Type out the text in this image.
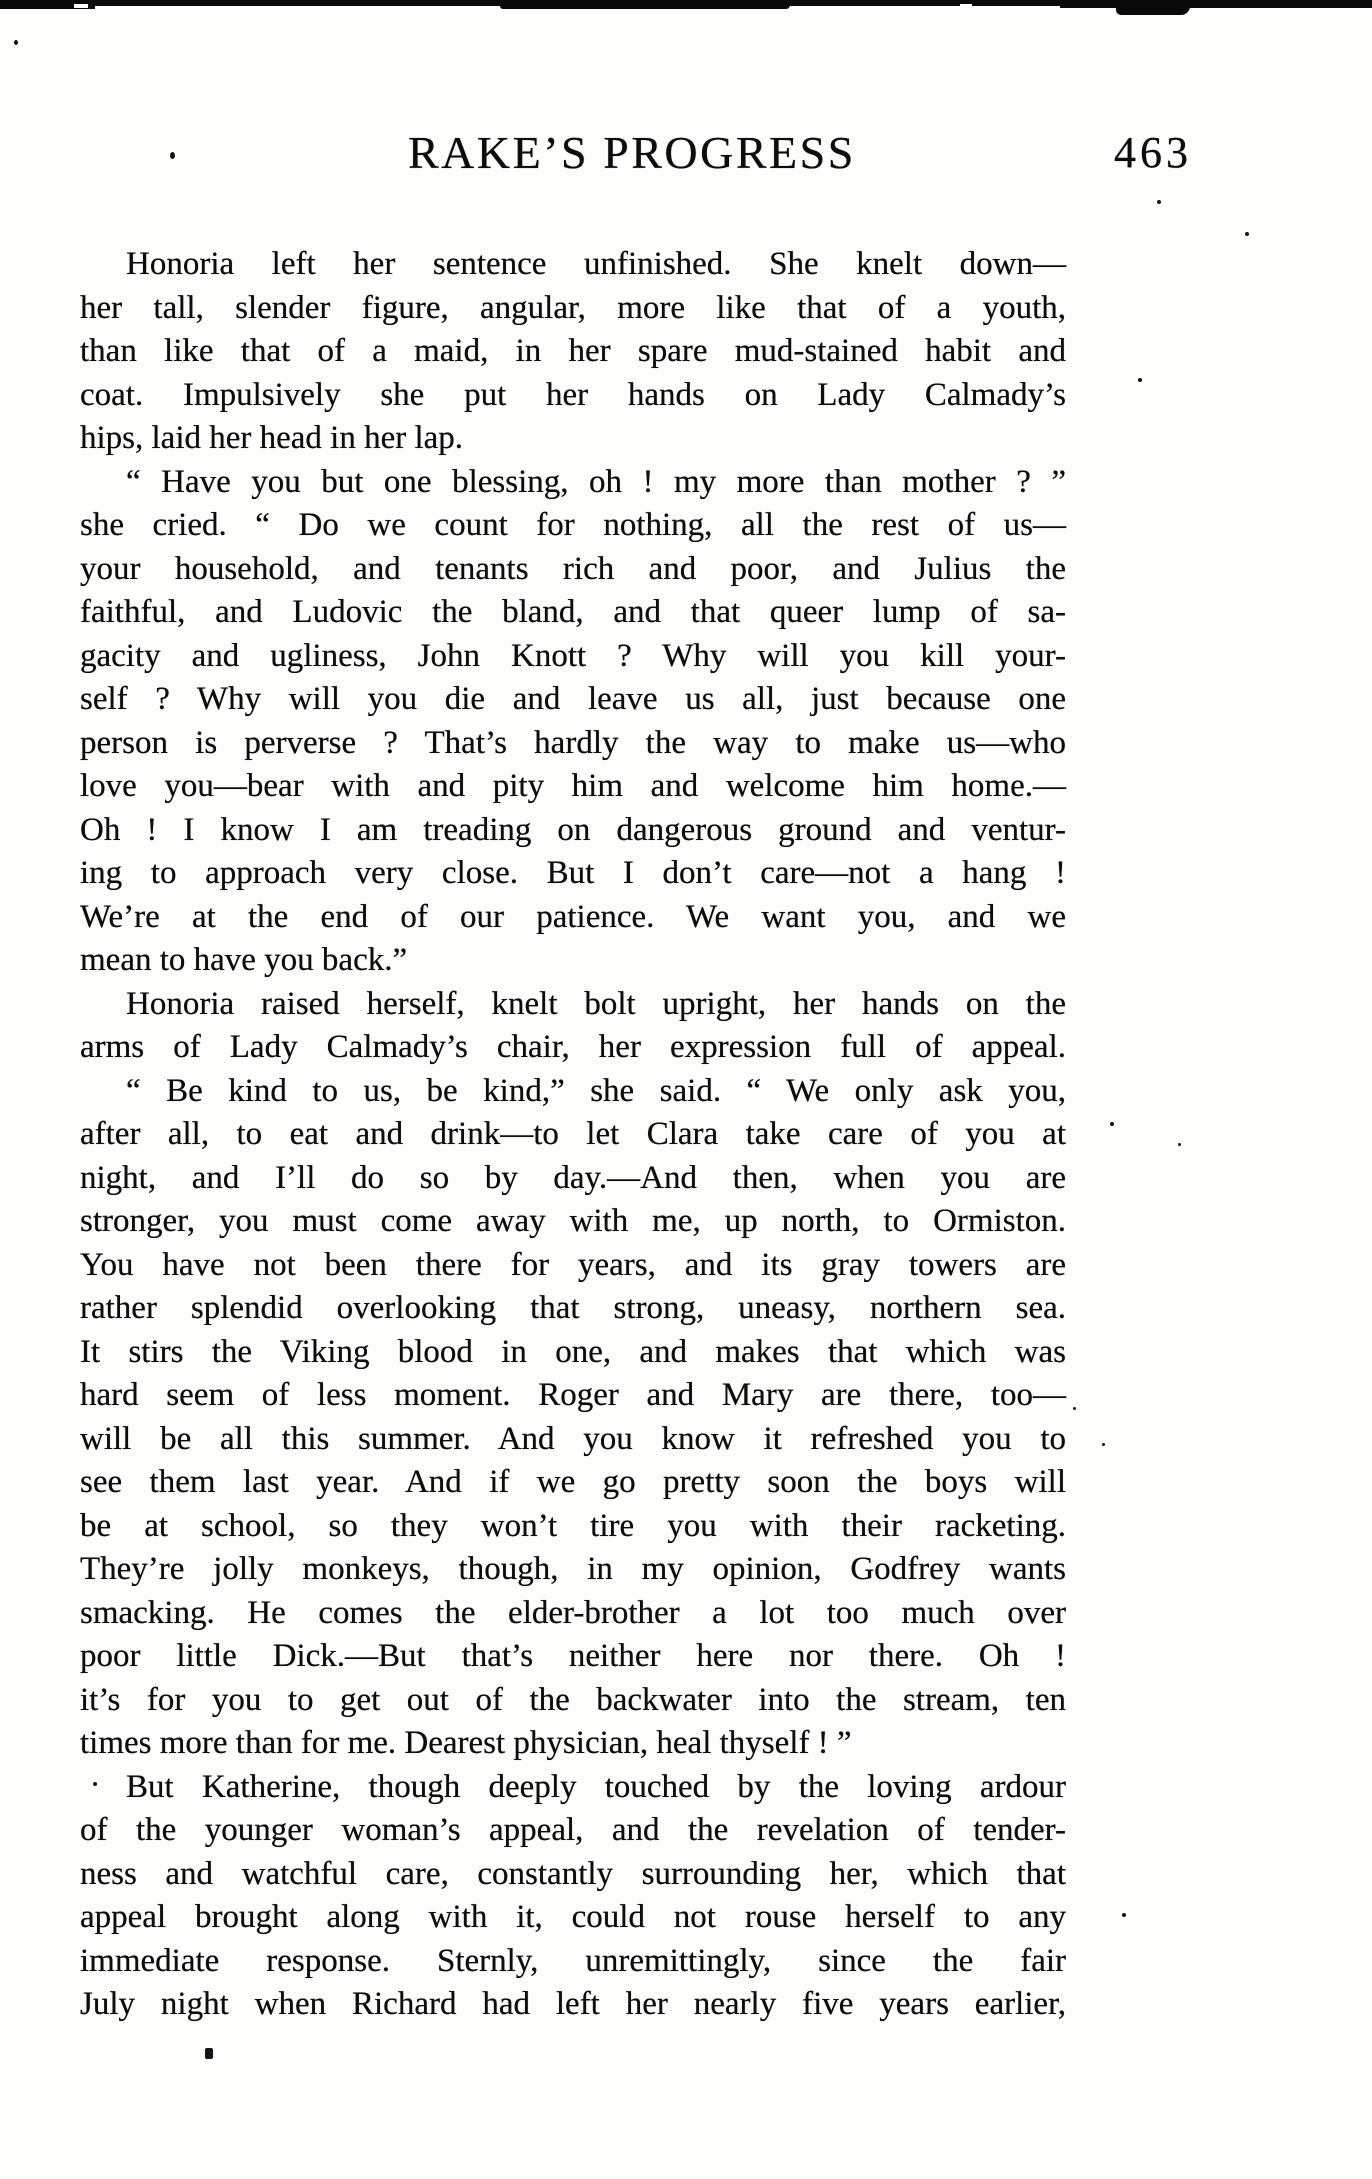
RAKE’S PROGRESS	463

Honoria left her sentence unfinished. She knelt down—
her tall, slender figure, angular, more like that of a youth,
than like that of a maid, in her spare mud-stained habit and
coat. Impulsively she put her hands on Lady Calmady’s
hips, laid her head in her lap.

“ Have you but one blessing, oh ! my more than mother ? ”
she cried. “ Do we count for nothing, all the rest of us—
your household, and tenants rich and poor, and Julius the
faithful, and Ludovic the bland, and that queer lump of sa-
gacity and ugliness, John Knott ? Why will you kill your-
self ? Why will you die and leave us all, just because one
person is perverse ? That’s hardly the way to make us—who
love you—bear with and pity him and welcome him home.—
Oh ! I know I am treading on dangerous ground and ventur-
ing to approach very close. But I don’t care—not a hang !
We’re at the end of our patience. We want you, and we
mean to have you back.”

Honoria raised herself, knelt bolt upright, her hands on the
arms of Lady Calmady’s chair, her expression full of appeal.

“ Be kind to us, be kind,” she said. “ We only ask you,
after all, to eat and drink—to let Clara take care of you at
night, and I’ll do so by day.—And then, when you are
stronger, you must come away with me, up north, to Ormiston.
You have not been there for years, and its gray towers are
rather splendid overlooking that strong, uneasy, northern sea.
It stirs the Viking blood in one, and makes that which was
hard seem of less moment. Roger and Mary are there, too—
will be all this summer. And you know it refreshed you to
see them last year. And if we go pretty soon the boys will
be at school, so they won’t tire you with their racketing.
They’re jolly monkeys, though, in my opinion, Godfrey wants
smacking. He comes the elder-brother a lot too much over
poor little Dick.—But that’s neither here nor there. Oh !
it’s for you to get out of the backwater into the stream, ten
times more than for me. Dearest physician, heal thyself ! ”

But Katherine, though deeply touched by the loving ardour
of the younger woman’s appeal, and the revelation of tender-
ness and watchful care, constantly surrounding her, which that
appeal brought along with it, could not rouse herself to any
immediate response. Sternly, unremittingly, since the fair
July night when Richard had left her nearly five years earlier,
